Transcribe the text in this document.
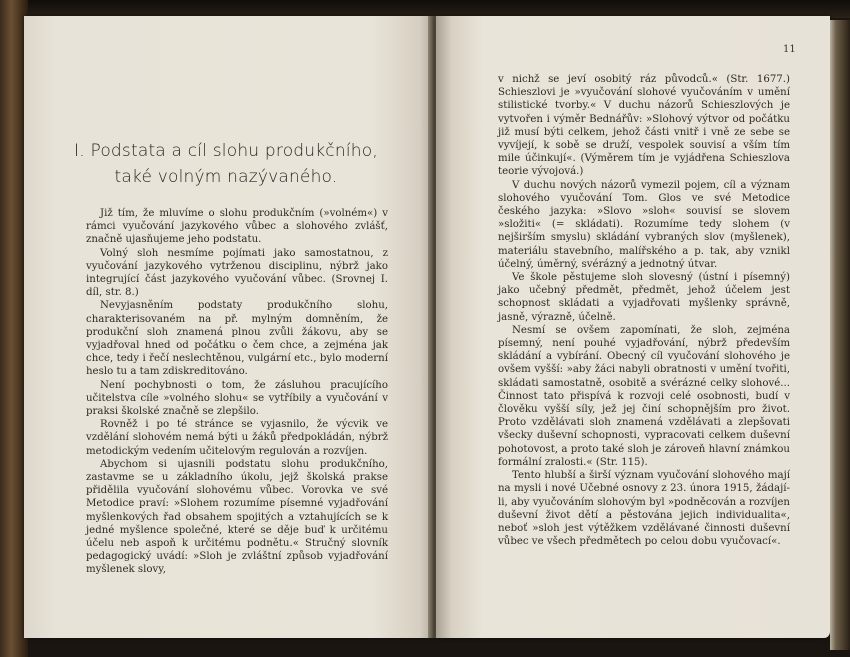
I. Podstata a cíl slohu produkčního, také volným nazývaného.

Již tím, že mluvíme o slohu produkčním (»volném«) v rámci vyučování jazykového vůbec a slohového zvlášť, značně ujasňujeme jeho podstatu.

Volný sloh nesmíme pojímati jako samostatnou, z vyučování jazykového vytrženou disciplinu, nýbrž jako integrující část jazykového vyučování vůbec. (Srovnej I. díl, str. 8.)

Nevyjasněním podstaty produkčního slohu, charakterisovaném na př. mylným domněním, že produkční sloh znamená plnou zvůli žákovu, aby se vyjadřoval hned od počátku o čem chce, a zejména jak chce, tedy i řečí neslechtěnou, vulgární etc., bylo moderní heslo tu a tam zdiskreditováno.

Není pochybnosti o tom, že zásluhou pracujícího učitelstva cíle »volného slohu« se vytříbily a vyučování v praksi školské značně se zlepšilo.

Rovněž i po té stránce se vyjasnilo, že výcvik ve vzdělání slohovém nemá býti u žáků předpokládán, nýbrž metodickým vedením učitelovým regulován a rozvíjen.

Abychom si ujasnili podstatu slohu produkčního, zastavme se u základního úkolu, jejž školská prakse přidělila vyučování slohovému vůbec. Vorovka ve své Metodice praví: »Slohem rozumíme písemné vyjadřování myšlenkových řad obsahem spojitých a vztahujících se k jedné myšlence společné, které se děje buď k určitému účelu neb aspoň k určitému podnětu.« Stručný slovník pedagogický uvádí: »Sloh je zvláštní způsob vyjadřování myšlenek slovy,

11

v nichž se jeví osobitý ráz původců.« (Str. 1677.) Schieszlovi je »vyučování slohové vyučováním v umění stilistické tvorby.« V duchu názorů Schieszlových je vytvořen i výměr Bednářův: »Slohový výtvor od počátku již musí býti celkem, jehož části vnitř i vně ze sebe se vyvíjejí, k sobě se druží, vespolek souvisí a vším tím mile účinkují«. (Výměrem tím je vyjádřena Schieszlova teorie vývojová.)

V duchu nových názorů vymezil pojem, cíl a význam slohového vyučování Tom. Glos ve své Metodice českého jazyka: »Slovo »sloh« souvisí se slovem »složiti« (= skládati). Rozumíme tedy slohem (v nejširším smyslu) skládání vybraných slov (myšlenek), materiálu stavebního, malířského a p. tak, aby vznikl účelný, úměrný, svérázný a jednotný útvar.

Ve škole pěstujeme sloh slovesný (ústní i písemný) jako učebný předmět, předmět, jehož účelem jest schopnost skládati a vyjadřovati myšlenky správně, jasně, výrazně, účelně.

Nesmí se ovšem zapomínati, že sloh, zejména písemný, není pouhé vyjadřování, nýbrž především skládání a vybírání. Obecný cíl vyučování slohového je ovšem vyšší: »aby žáci nabyli obratnosti v umění tvořiti, skládati samostatně, osobitě a svérázné celky slohové... Činnost tato přispívá k rozvoji celé osobnosti, budí v člověku vyšší síly, jež jej činí schopnějším pro život. Proto vzdělávati sloh znamená vzdělávati a zlepšovati všecky duševní schopnosti, vypracovati celkem duševní pohotovost, a proto také sloh je zároveň hlavní známkou formální zralosti.« (Str. 115).

Tento hlubší a širší význam vyučování slohového mají na mysli i nové Učebné osnovy z 23. února 1915, žádají-li, aby vyučováním slohovým byl »podněcován a rozvíjen duševní život dětí a pěstována jejich individualita«, neboť »sloh jest výtěžkem vzdělávané činnosti duševní vůbec ve všech předmětech po celou dobu vyučovací«.
